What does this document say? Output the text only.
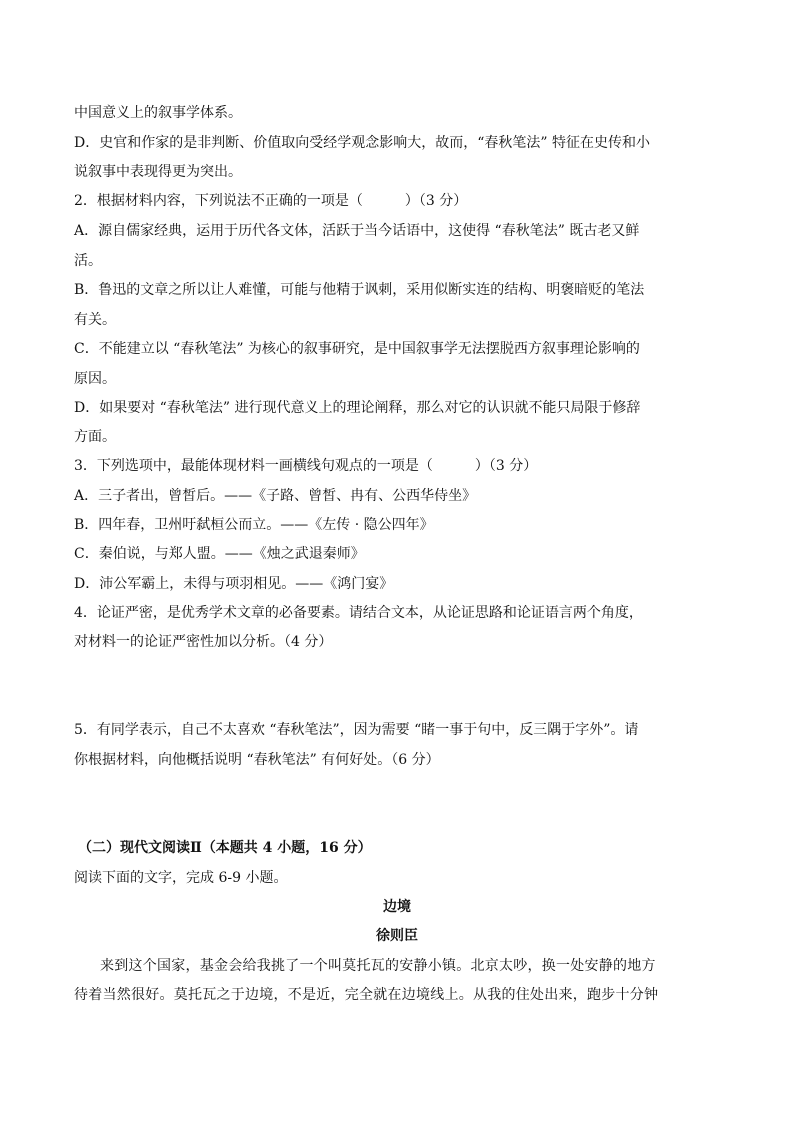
中国意义上的叙事学体系。
D．史官和作家的是非判断、价值取向受经学观念影响大，故而，“春秋笔法” 特征在史传和小
说叙事中表现得更为突出。
2．根据材料内容，下列说法不正确的一项是（　　　）（3 分）
A．源自儒家经典，运用于历代各文体，活跃于当今话语中，这使得 “春秋笔法” 既古老又鲜
活。
B．鲁迅的文章之所以让人难懂，可能与他精于讽刺，采用似断实连的结构、明褒暗贬的笔法
有关。
C．不能建立以 “春秋笔法” 为核心的叙事研究，是中国叙事学无法摆脱西方叙事理论影响的
原因。
D．如果要对 “春秋笔法” 进行现代意义上的理论阐释，那么对它的认识就不能只局限于修辞
方面。
3．下列选项中，最能体现材料一画横线句观点的一项是（　　　）（3 分）
A．三子者出，曾皙后。——《子路、曾皙、冉有、公西华侍坐》
B．四年春，卫州吁弑桓公而立。——《左传 · 隐公四年》
C．秦伯说，与郑人盟。——《烛之武退秦师》
D．沛公军霸上，未得与项羽相见。——《鸿门宴》
4．论证严密，是优秀学术文章的必备要素。请结合文本，从论证思路和论证语言两个角度，
对材料一的论证严密性加以分析。（4 分）
5．有同学表示，自己不太喜欢 “春秋笔法”，因为需要 “睹一事于句中，反三隅于字外”。请
你根据材料，向他概括说明 “春秋笔法” 有何好处。（6 分）
（二）现代文阅读Ⅱ（本题共 4 小题，16 分）
阅读下面的文字，完成 6-9 小题。
边境
徐则臣
来到这个国家，基金会给我挑了一个叫莫托瓦的安静小镇。北京太吵，换一处安静的地方
待着当然很好。莫托瓦之于边境，不是近，完全就在边境线上。从我的住处出来，跑步十分钟
